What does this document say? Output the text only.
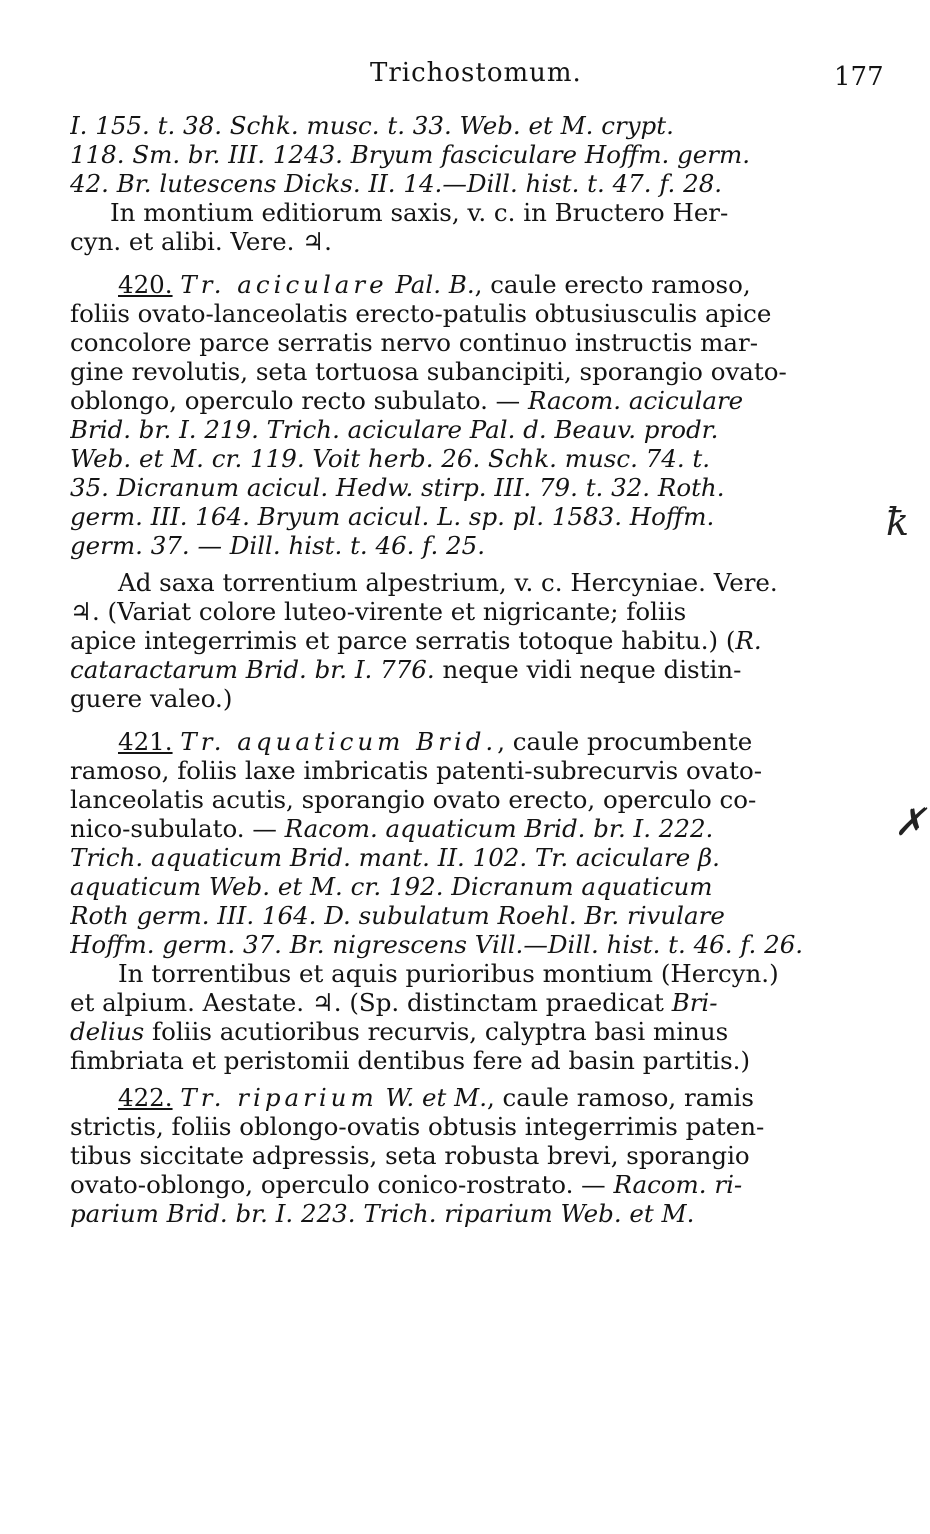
Trichostomum.	177
ꝁ
✗
I. 155. t. 38. Schk. musc. t. 33. Web. et M. crypt.
118. Sm. br. III. 1243. Bryum fasciculare Hoffm. germ.
42. Br. lutescens Dicks. II. 14.—Dill. hist. t. 47. f. 28.
In montium editiorum saxis, v. c. in Bructero Her-
cyn. et alibi. Vere. ♃.
420. Tr. aciculare Pal. B., caule erecto ramoso,
foliis ovato-lanceolatis erecto-patulis obtusiusculis apice
concolore parce serratis nervo continuo instructis mar-
gine revolutis, seta tortuosa subancipiti, sporangio ovato-
oblongo, operculo recto subulato. — Racom. aciculare
Brid. br. I. 219. Trich. aciculare Pal. d. Beauv. prodr.
Web. et M. cr. 119. Voit herb. 26. Schk. musc. 74. t.
35. Dicranum acicul. Hedw. stirp. III. 79. t. 32. Roth.
germ. III. 164. Bryum acicul. L. sp. pl. 1583. Hoffm.
germ. 37. — Dill. hist. t. 46. f. 25.
Ad saxa torrentium alpestrium, v. c. Hercyniae. Vere.
♃. (Variat colore luteo-virente et nigricante; foliis
apice integerrimis et parce serratis totoque habitu.) (R.
cataractarum Brid. br. I. 776. neque vidi neque distin-
guere valeo.)
421. Tr. aquaticum Brid., caule procumbente
ramoso, foliis laxe imbricatis patenti-subrecurvis ovato-
lanceolatis acutis, sporangio ovato erecto, operculo co-
nico-subulato. — Racom. aquaticum Brid. br. I. 222.
Trich. aquaticum Brid. mant. II. 102. Tr. aciculare β.
aquaticum Web. et M. cr. 192. Dicranum aquaticum
Roth germ. III. 164. D. subulatum Roehl. Br. rivulare
Hoffm. germ. 37. Br. nigrescens Vill.—Dill. hist. t. 46. f. 26.
In torrentibus et aquis purioribus montium (Hercyn.)
et alpium. Aestate. ♃. (Sp. distinctam praedicat Bri-
delius foliis acutioribus recurvis, calyptra basi minus
fimbriata et peristomii dentibus fere ad basin partitis.)
422. Tr. riparium W. et M., caule ramoso, ramis
strictis, foliis oblongo-ovatis obtusis integerrimis paten-
tibus siccitate adpressis, seta robusta brevi, sporangio
ovato-oblongo, operculo conico-rostrato. — Racom. ri-
parium Brid. br. I. 223. Trich. riparium Web. et M.
